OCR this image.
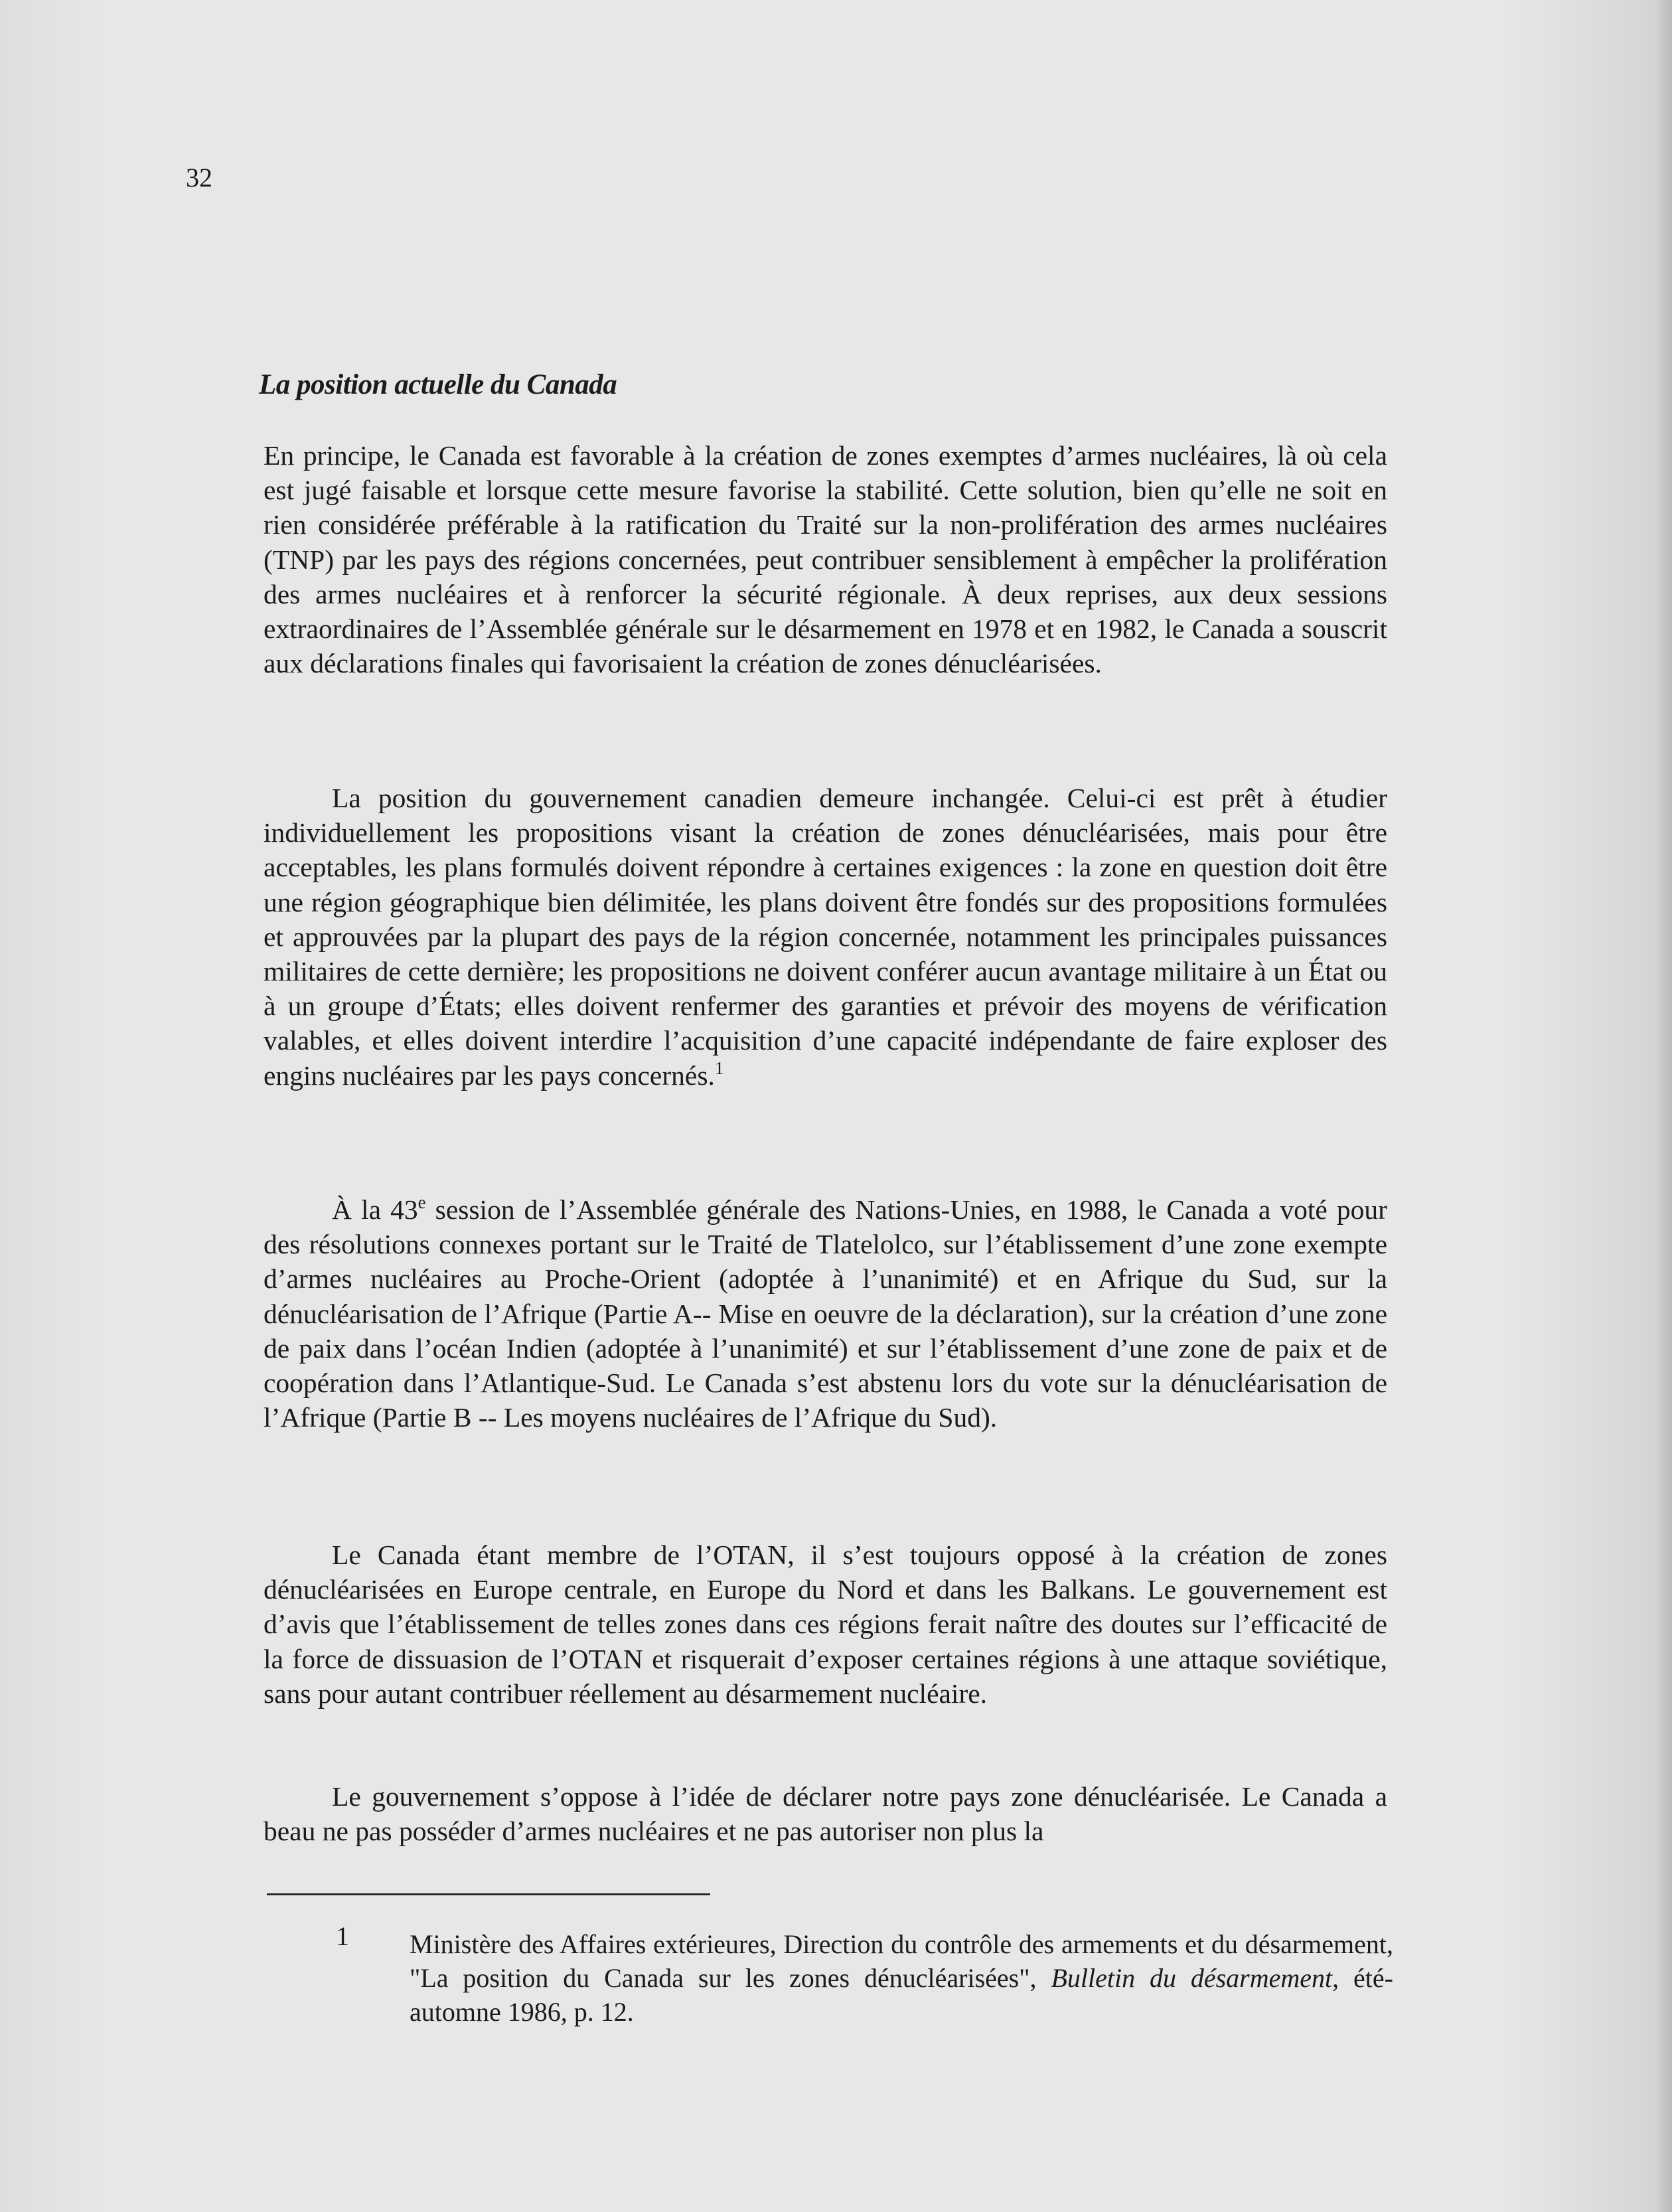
32
La position actuelle du Canada

En principe, le Canada est favorable à la création de zones exemptes d’armes nucléaires, là où cela est jugé faisable et lorsque cette mesure favorise la stabilité. Cette solution, bien qu’elle ne soit en rien considérée préférable à la ratification du Traité sur la non-prolifération des armes nucléaires (TNP) par les pays des régions concernées, peut contribuer sensiblement à empêcher la prolifération des armes nucléaires et à renforcer la sécurité régionale. À deux reprises, aux deux sessions extraordinaires de l’Assemblée générale sur le désarmement en 1978 et en 1982, le Canada a souscrit aux déclarations finales qui favorisaient la création de zones dénucléarisées.

La position du gouvernement canadien demeure inchangée. Celui-ci est prêt à étudier individuellement les propositions visant la création de zones dénucléarisées, mais pour être acceptables, les plans formulés doivent répondre à certaines exigences : la zone en question doit être une région géographique bien délimitée, les plans doivent être fondés sur des propositions formulées et approuvées par la plupart des pays de la région concernée, notamment les principales puissances militaires de cette dernière; les propositions ne doivent conférer aucun avantage militaire à un État ou à un groupe d’États; elles doivent renfermer des garanties et prévoir des moyens de vérification valables, et elles doivent interdire l’acquisition d’une capacité indépendante de faire exploser des engins nucléaires par les pays concernés.$^1$

À la 43e session de l’Assemblée générale des Nations-Unies, en 1988, le Canada a voté pour des résolutions connexes portant sur le Traité de Tlatelolco, sur l’établissement d’une zone exempte d’armes nucléaires au Proche-Orient (adoptée à l’unanimité) et en Afrique du Sud, sur la dénucléarisation de l’Afrique (Partie A-- Mise en oeuvre de la déclaration), sur la création d’une zone de paix dans l’océan Indien (adoptée à l’unanimité) et sur l’établissement d’une zone de paix et de coopération dans l’Atlantique-Sud. Le Canada s’est abstenu lors du vote sur la dénucléarisation de l’Afrique (Partie B -- Les moyens nucléaires de l’Afrique du Sud).

Le Canada étant membre de l’OTAN, il s’est toujours opposé à la création de zones dénucléarisées en Europe centrale, en Europe du Nord et dans les Balkans. Le gouvernement est d’avis que l’établissement de telles zones dans ces régions ferait naître des doutes sur l’efficacité de la force de dissuasion de l’OTAN et risquerait d’exposer certaines régions à une attaque soviétique, sans pour autant contribuer réellement au désarmement nucléaire.

Le gouvernement s’oppose à l’idée de déclarer notre pays zone dénucléarisée. Le Canada a beau ne pas posséder d’armes nucléaires et ne pas autoriser non plus la

1 Ministère des Affaires extérieures, Direction du contrôle des armements et du désarmement, "La position du Canada sur les zones dénucléarisées", Bulletin du désarmement, été-automne 1986, p. 12.
